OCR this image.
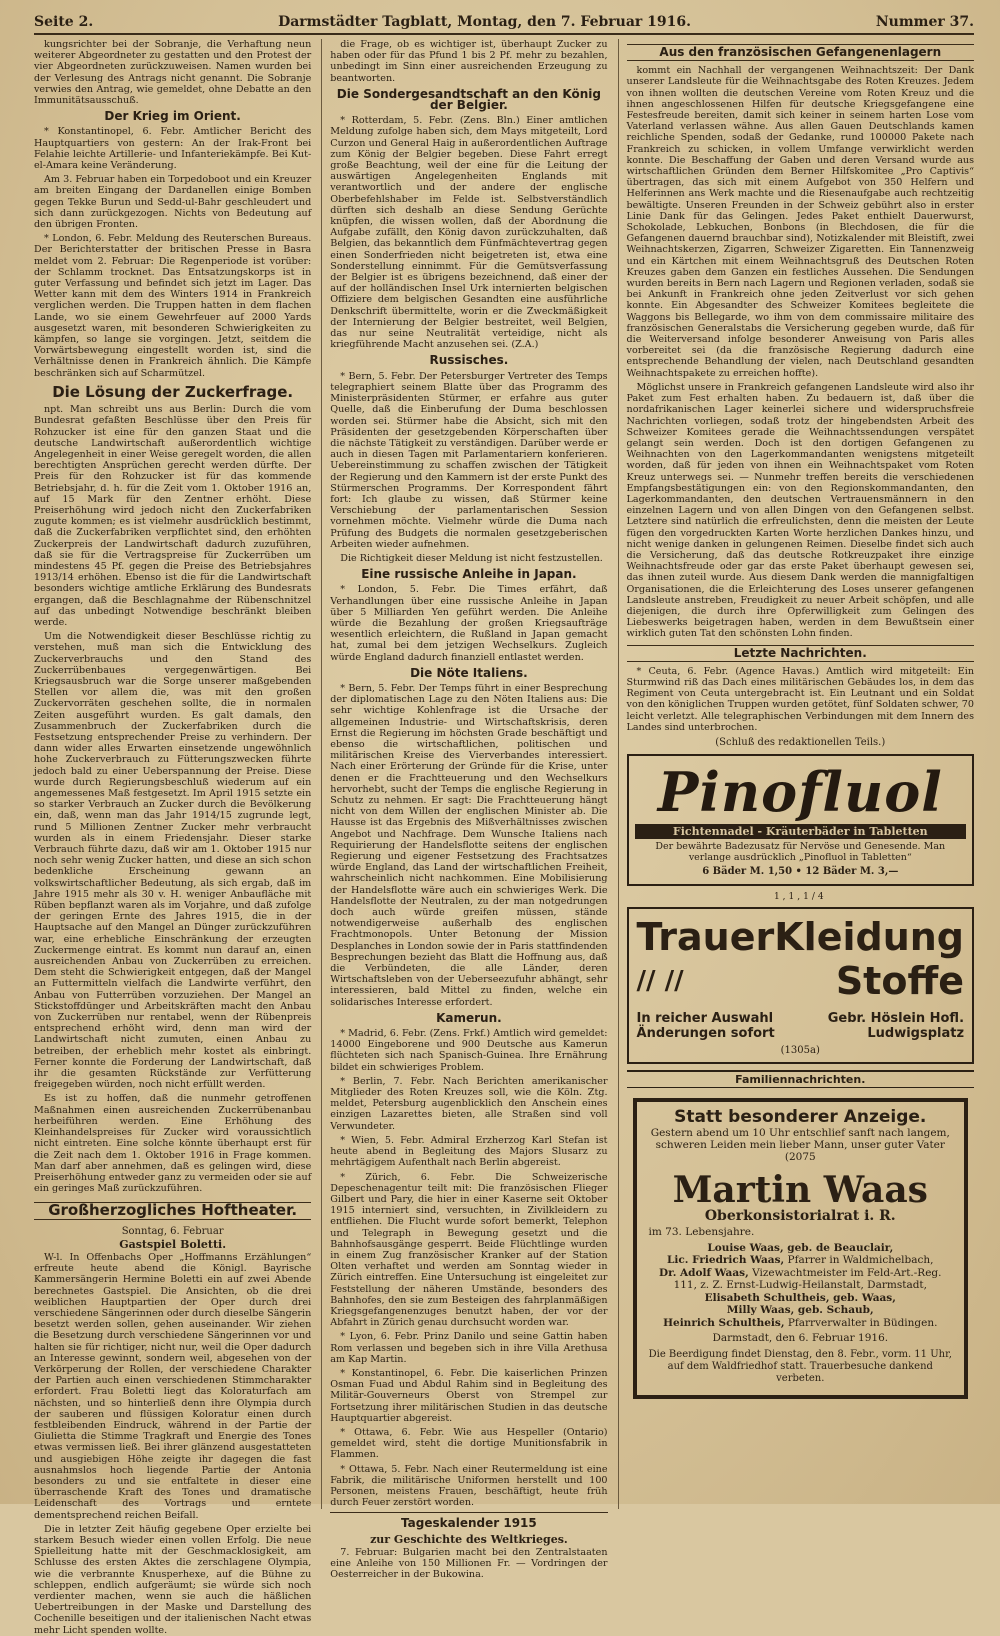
Seite 2.	Darmstädter Tagblatt, Montag, den 7. Februar 1916.	Nummer 37.

kungsrichter bei der Sobranje, die Verhaftung neun weiterer Abgeordneter zu gestatten und den Protest der vier Abgeordneten zurückzuweisen. Namen wurden bei der Verlesung des Antrags nicht genannt. Die Sobranje verwies den Antrag, wie gemeldet, ohne Debatte an den Immunitätsausschuß.

Der Krieg im Orient.

* Konstantinopel, 6. Febr. Amtlicher Bericht des Hauptquartiers von gestern: An der Irak-Front bei Felahie leichte Artillerie- und Infanteriekämpfe. Bei Kut-el-Amara keine Veränderung.

Am 3. Februar haben ein Torpedoboot und ein Kreuzer am breiten Eingang der Dardanellen einige Bomben gegen Tekke Burun und Sedd-ul-Bahr geschleudert und sich dann zurückgezogen. Nichts von Bedeutung auf den übrigen Fronten.

* London, 6. Febr. Meldung des Reuterschen Bureaus. Der Berichterstatter der britischen Presse in Basra meldet vom 2. Februar: Die Regenperiode ist vorüber: der Schlamm trocknet. Das Entsatzungskorps ist in guter Verfassung und befindet sich jetzt im Lager. Das Wetter kann mit dem des Winters 1914 in Frankreich verglichen werden. Die Truppen hatten in dem flachen Lande, wo sie einem Gewehrfeuer auf 2000 Yards ausgesetzt waren, mit besonderen Schwierigkeiten zu kämpfen, so lange sie vorgingen. Jetzt, seitdem die Vorwärtsbewegung eingestellt worden ist, sind die Verhältnisse denen in Frankreich ähnlich. Die Kämpfe beschränken sich auf Scharmützel.

Die Lösung der Zuckerfrage.

npt. Man schreibt uns aus Berlin: Durch die vom Bundesrat gefaßten Beschlüsse über den Preis für Rohzucker ist eine für den ganzen Staat und die deutsche Landwirtschaft außerordentlich wichtige Angelegenheit in einer Weise geregelt worden, die allen berechtigten Ansprüchen gerecht werden dürfte. Der Preis für den Rohzucker ist für das kommende Betriebsjahr, d. h. für die Zeit vom 1. Oktober 1916 an, auf 15 Mark für den Zentner erhöht. Diese Preiserhöhung wird jedoch nicht den Zuckerfabriken zugute kommen; es ist vielmehr ausdrücklich bestimmt, daß die Zuckerfabriken verpflichtet sind, den erhöhten Zuckerpreis der Landwirtschaft dadurch zuzuführen, daß sie für die Vertragspreise für Zuckerrüben um mindestens 45 Pf. gegen die Preise des Betriebsjahres 1913/14 erhöhen. Ebenso ist die für die Landwirtschaft besonders wichtige amtliche Erklärung des Bundesrats ergangen, daß die Beschlagnahme der Rübenschnitzel auf das unbedingt Notwendige beschränkt bleiben werde.

Um die Notwendigkeit dieser Beschlüsse richtig zu verstehen, muß man sich die Entwicklung des Zuckerverbrauchs und den Stand des Zuckerrübenbaues vergegenwärtigen. Bei Kriegsausbruch war die Sorge unserer maßgebenden Stellen vor allem die, was mit den großen Zuckervorräten geschehen sollte, die in normalen Zeiten ausgeführt wurden. Es galt damals, den Zusammenbruch der Zuckerfabriken durch die Festsetzung entsprechender Preise zu verhindern. Der dann wider alles Erwarten einsetzende ungewöhnlich hohe Zuckerverbrauch zu Fütterungszwecken führte jedoch bald zu einer Ueberspannung der Preise. Diese wurde durch Regierungsbeschluß wiederum auf ein angemessenes Maß festgesetzt. Im April 1915 setzte ein so starker Verbrauch an Zucker durch die Bevölkerung ein, daß, wenn man das Jahr 1914/15 zugrunde legt, rund 5 Millionen Zentner Zucker mehr verbraucht wurden als in einem Friedensjahr. Dieser starke Verbrauch führte dazu, daß wir am 1. Oktober 1915 nur noch sehr wenig Zucker hatten, und diese an sich schon bedenkliche Erscheinung gewann an volkswirtschaftlicher Bedeutung, als sich ergab, daß im Jahre 1915 mehr als 30 v. H. weniger Anbaufläche mit Rüben bepflanzt waren als im Vorjahre, und daß zufolge der geringen Ernte des Jahres 1915, die in der Hauptsache auf den Mangel an Dünger zurückzuführen war, eine erhebliche Einschränkung der erzeugten Zuckermenge eintrat. Es kommt nun darauf an, einen ausreichenden Anbau von Zuckerrüben zu erreichen. Dem steht die Schwierigkeit entgegen, daß der Mangel an Futtermitteln vielfach die Landwirte verführt, den Anbau von Futterrüben vorzuziehen. Der Mangel an Stickstoffdünger und Arbeitskräften macht den Anbau von Zuckerrüben nur rentabel, wenn der Rübenpreis entsprechend erhöht wird, denn man wird der Landwirtschaft nicht zumuten, einen Anbau zu betreiben, der erheblich mehr kostet als einbringt. Ferner konnte die Forderung der Landwirtschaft, daß ihr die gesamten Rückstände zur Verfütterung freigegeben würden, noch nicht erfüllt werden.

Es ist zu hoffen, daß die nunmehr getroffenen Maßnahmen einen ausreichenden Zuckerrübenanbau herbeiführen werden. Eine Erhöhung des Kleinhandelspreises für Zucker wird voraussichtlich nicht eintreten. Eine solche könnte überhaupt erst für die Zeit nach dem 1. Oktober 1916 in Frage kommen. Man darf aber annehmen, daß es gelingen wird, diese Preiserhöhung entweder ganz zu vermeiden oder sie auf ein geringes Maß zurückzuführen.

Großherzogliches Hoftheater.
Sonntag, 6. Februar
Gastspiel Boletti.

W-l. In Offenbachs Oper „Hoffmanns Erzählungen“ erfreute heute abend die Königl. Bayrische Kammersängerin Hermine Boletti ein auf zwei Abende berechnetes Gastspiel. Die Ansichten, ob die drei weiblichen Hauptpartien der Oper durch drei verschiedene Sängerinnen oder durch dieselbe Sängerin besetzt werden sollen, gehen auseinander. Wir ziehen die Besetzung durch verschiedene Sängerinnen vor und halten sie für richtiger, nicht nur, weil die Oper dadurch an Interesse gewinnt, sondern weil, abgesehen von der Verkörperung der Rollen, der verschiedene Charakter der Partien auch einen verschiedenen Stimmcharakter erfordert. Frau Boletti liegt das Koloraturfach am nächsten, und so hinterließ denn ihre Olympia durch der sauberen und flüssigen Koloratur einen durch festbleibenden Eindruck, während in der Partie der Giulietta die Stimme Tragkraft und Energie des Tones etwas vermissen ließ. Bei ihrer glänzend ausgestatteten und ausgiebigen Höhe zeigte ihr dagegen die fast ausnahmslos hoch liegende Partie der Antonia besonders zu und sie entfaltete in dieser eine überraschende Kraft des Tones und dramatische Leidenschaft des Vortrags und erntete dementsprechend reichen Beifall.

Die in letzter Zeit häufig gegebene Oper erzielte bei starkem Besuch wieder einen vollen Erfolg. Die neue Spielleitung hatte mit der Geschmacklosigkeit, am Schlusse des ersten Aktes die zerschlagene Olympia, wie die verbrannte Knusperhexe, auf die Bühne zu schleppen, endlich aufgeräumt; sie würde sich noch verdienter machen, wenn sie auch die häßlichen Uebertreibungen in der Maske und Darstellung des Cochenille beseitigen und der italienischen Nacht etwas mehr Licht spenden wollte.

die Frage, ob es wichtiger ist, überhaupt Zucker zu haben oder für das Pfund 1 bis 2 Pf. mehr zu bezahlen, unbedingt im Sinn einer ausreichenden Erzeugung zu beantworten.

Die Sondergesandtschaft an den König der Belgier.

* Rotterdam, 5. Febr. (Zens. Bln.) Einer amtlichen Meldung zufolge haben sich, dem Mays mitgeteilt, Lord Curzon und General Haig in außerordentlichen Auftrage zum König der Belgier begeben. Diese Fahrt erregt große Beachtung, weil der eine für die Leitung der auswärtigen Angelegenheiten Englands mit verantwortlich und der andere der englische Oberbefehlshaber im Felde ist. Selbstverständlich dürften sich deshalb an diese Sendung Gerüchte knüpfen, die wissen wollen, daß der Abordnung die Aufgabe zufällt, den König davon zurückzuhalten, daß Belgien, das bekanntlich dem Fünfmächtevertrag gegen einen Sonderfrieden nicht beigetreten ist, etwa eine Sonderstellung einnimmt. Für die Gemütsverfassung der Belgier ist es übrigens bezeichnend, daß einer der auf der holländischen Insel Urk internierten belgischen Offiziere dem belgischen Gesandten eine ausführliche Denkschrift übermittelte, worin er die Zweckmäßigkeit der Internierung der Belgier bestreitet, weil Belgien, das nur seine Neutralität verteidige, nicht als kriegführende Macht anzusehen sei. (Z.A.)

Russisches.

* Bern, 5. Febr. Der Petersburger Vertreter des Temps telegraphiert seinem Blatte über das Programm des Ministerpräsidenten Stürmer, er erfahre aus guter Quelle, daß die Einberufung der Duma beschlossen worden sei. Stürmer habe die Absicht, sich mit den Präsidenten der gesetzgebenden Körperschaften über die nächste Tätigkeit zu verständigen. Darüber werde er auch in diesen Tagen mit Parlamentariern konferieren. Uebereinstimmung zu schaffen zwischen der Tätigkeit der Regierung und den Kammern ist der erste Punkt des Stürmerschen Programms. Der Korrespondent fährt fort: Ich glaube zu wissen, daß Stürmer keine Verschiebung der parlamentarischen Session vornehmen möchte. Vielmehr würde die Duma nach Prüfung des Budgets die normalen gesetzgeberischen Arbeiten wieder aufnehmen.

Die Richtigkeit dieser Meldung ist nicht festzustellen.

Eine russische Anleihe in Japan.

* London, 5. Febr. Die Times erfährt, daß Verhandlungen über eine russische Anleihe in Japan über 5 Milliarden Yen geführt werden. Die Anleihe würde die Bezahlung der großen Kriegsaufträge wesentlich erleichtern, die Rußland in Japan gemacht hat, zumal bei dem jetzigen Wechselkurs. Zugleich würde England dadurch finanziell entlastet werden.

Die Nöte Italiens.

* Bern, 5. Febr. Der Temps führt in einer Besprechung der diplomatischen Lage zu den Nöten Italiens aus: Die sehr wichtige Kohlenfrage ist die Ursache der allgemeinen Industrie- und Wirtschaftskrisis, deren Ernst die Regierung im höchsten Grade beschäftigt und ebenso die wirtschaftlichen, politischen und militärischen Kreise des Vierverbandes interessiert. Nach einer Erörterung der Gründe für die Krise, unter denen er die Frachtteuerung und den Wechselkurs hervorhebt, sucht der Temps die englische Regierung in Schutz zu nehmen. Er sagt: Die Frachtteuerung hängt nicht von dem Willen der englischen Minister ab. Die Hausse ist das Ergebnis des Mißverhältnisses zwischen Angebot und Nachfrage. Dem Wunsche Italiens nach Requirierung der Handelsflotte seitens der englischen Regierung und eigener Festsetzung des Frachtsatzes würde England, das Land der wirtschaftlichen Freiheit, wahrscheinlich nicht nachkommen. Eine Mobilisierung der Handelsflotte wäre auch ein schwieriges Werk. Die Handelsflotte der Neutralen, zu der man notgedrungen doch auch würde greifen müssen, stände notwendigerweise außerhalb des englischen Frachtmonopols. Unter Betonung der Mission Desplanches in London sowie der in Paris stattfindenden Besprechungen bezieht das Blatt die Hoffnung aus, daß die Verbündeten, die alle Länder, deren Wirtschaftsleben von der Ueberseezufuhr abhängt, sehr interessieren, bald Mittel zu finden, welche ein solidarisches Interesse erfordert.

Kamerun.

* Madrid, 6. Febr. (Zens. Frkf.) Amtlich wird gemeldet: 14000 Eingeborene und 900 Deutsche aus Kamerun flüchteten sich nach Spanisch-Guinea. Ihre Ernährung bildet ein schwieriges Problem.

* Berlin, 7. Febr. Nach Berichten amerikanischer Mitglieder des Roten Kreuzes soll, wie die Köln. Ztg. meldet, Petersburg augenblicklich den Anschein eines einzigen Lazarettes bieten, alle Straßen sind voll Verwundeter.

* Wien, 5. Febr. Admiral Erzherzog Karl Stefan ist heute abend in Begleitung des Majors Slusarz zu mehrtägigem Aufenthalt nach Berlin abgereist.

* Zürich, 6. Febr. Die Schweizerische Depeschenagentur teilt mit: Die französischen Flieger Gilbert und Pary, die hier in einer Kaserne seit Oktober 1915 interniert sind, versuchten, in Zivilkleidern zu entfliehen. Die Flucht wurde sofort bemerkt, Telephon und Telegraph in Bewegung gesetzt und die Bahnhofsausgänge gesperrt. Beide Flüchtlinge wurden in einem Zug französischer Kranker auf der Station Olten verhaftet und werden am Sonntag wieder in Zürich eintreffen. Eine Untersuchung ist eingeleitet zur Feststellung der näheren Umstände, besonders des Bahnhofes, den sie zum Besteigen des fahrplanmäßigen Kriegsgefangenenzuges benutzt haben, der vor der Abfahrt in Zürich genau durchsucht worden war.

* Lyon, 6. Febr. Prinz Danilo und seine Gattin haben Rom verlassen und begeben sich in ihre Villa Arethusa am Kap Martin.

* Konstantinopel, 6. Febr. Die kaiserlichen Prinzen Osman Fuad und Abdul Rahim sind in Begleitung des Militär-Gouverneurs Oberst von Strempel zur Fortsetzung ihrer militärischen Studien in das deutsche Hauptquartier abgereist.

* Ottawa, 6. Febr. Wie aus Hespeller (Ontario) gemeldet wird, steht die dortige Munitionsfabrik in Flammen.

* Ottawa, 5. Febr. Nach einer Reutermeldung ist eine Fabrik, die militärische Uniformen herstellt und 100 Personen, meistens Frauen, beschäftigt, heute früh durch Feuer zerstört worden.

Tageskalender 1915
zur Geschichte des Weltkrieges.

7. Februar: Bulgarien macht bei den Zentralstaaten eine Anleihe von 150 Millionen Fr. — Vordringen der Oesterreicher in der Bukowina.

Aus den französischen Gefangenenlagern

kommt ein Nachhall der vergangenen Weihnachtszeit: Der Dank unserer Landsleute für die Weihnachtsgabe des Roten Kreuzes. Jedem von ihnen wollten die deutschen Vereine vom Roten Kreuz und die ihnen angeschlossenen Hilfen für deutsche Kriegsgefangene eine Festesfreude bereiten, damit sich keiner in seinem harten Lose vom Vaterland verlassen wähne. Aus allen Gauen Deutschlands kamen reichliche Spenden, sodaß der Gedanke, rund 100000 Pakete nach Frankreich zu schicken, in vollem Umfange verwirklicht werden konnte. Die Beschaffung der Gaben und deren Versand wurde aus wirtschaftlichen Gründen dem Berner Hilfskomitee „Pro Captivis“ übertragen, das sich mit einem Aufgebot von 350 Helfern und Helferinnen ans Werk machte und die Riesenaufgabe auch rechtzeitig bewältigte. Unseren Freunden in der Schweiz gebührt also in erster Linie Dank für das Gelingen. Jedes Paket enthielt Dauerwurst, Schokolade, Lebkuchen, Bonbons (in Blechdosen, die für die Gefangenen dauernd brauchbar sind), Notizkalender mit Bleistift, zwei Weihnachtskerzen, Zigarren, Schweizer Zigaretten. Ein Tannenzweig und ein Kärtchen mit einem Weihnachtsgruß des Deutschen Roten Kreuzes gaben dem Ganzen ein festliches Aussehen. Die Sendungen wurden bereits in Bern nach Lagern und Regionen verladen, sodaß sie bei Ankunft in Frankreich ohne jeden Zeitverlust vor sich gehen konnte. Ein Abgesandter des Schweizer Komitees begleitete die Waggons bis Bellegarde, wo ihm von dem commissaire militaire des französischen Generalstabs die Versicherung gegeben wurde, daß für die Weiterversand infolge besonderer Anweisung von Paris alles vorbereitet sei (da die französische Regierung dadurch eine entsprechende Behandlung der vielen, nach Deutschland gesandten Weihnachtspakete zu erreichen hoffte).

Möglichst unsere in Frankreich gefangenen Landsleute wird also ihr Paket zum Fest erhalten haben. Zu bedauern ist, daß über die nordafrikanischen Lager keinerlei sichere und widerspruchsfreie Nachrichten vorliegen, sodaß trotz der hingebendsten Arbeit des Schweizer Komitees gerade die Weihnachtssendungen verspätet gelangt sein werden. Doch ist den dortigen Gefangenen zu Weihnachten von den Lagerkommandanten wenigstens mitgeteilt worden, daß für jeden von ihnen ein Weihnachtspaket vom Roten Kreuz unterwegs sei. — Nunmehr treffen bereits die verschiedenen Empfangsbestätigungen ein: von den Regionskommandanten, den Lagerkommandanten, den deutschen Vertrauensmännern in den einzelnen Lagern und von allen Dingen von den Gefangenen selbst. Letztere sind natürlich die erfreulichsten, denn die meisten der Leute fügen den vorgedruckten Karten Worte herzlichen Dankes hinzu, und nicht wenige danken in gelungenen Reimen. Dieselbe findet sich auch die Versicherung, daß das deutsche Rotkreuzpaket ihre einzige Weihnachtsfreude oder gar das erste Paket überhaupt gewesen sei, das ihnen zuteil wurde. Aus diesem Dank werden die mannigfaltigen Organisationen, die die Erleichterung des Loses unserer gefangenen Landsleute anstreben, Freudigkeit zu neuer Arbeit schöpfen, und alle diejenigen, die durch ihre Opferwilligkeit zum Gelingen des Liebeswerks beigetragen haben, werden in dem Bewußtsein einer wirklich guten Tat den schönsten Lohn finden.

Letzte Nachrichten.

* Ceuta, 6. Febr. (Agence Havas.) Amtlich wird mitgeteilt: Ein Sturmwind riß das Dach eines militärischen Gebäudes los, in dem das Regiment von Ceuta untergebracht ist. Ein Leutnant und ein Soldat von den königlichen Truppen wurden getötet, fünf Soldaten schwer, 70 leicht verletzt. Alle telegraphischen Verbindungen mit dem Innern des Landes sind unterbrochen.

(Schluß des redaktionellen Teils.)
Pinofluol
Fichtennadel - Kräuterbäder in Tabletten
Der bewährte Badezusatz für Nervöse und Genesende. Man verlange ausdrücklich „Pinofluol in Tabletten“
6 Bäder M. 1,50 • 12 Bäder M. 3,—
1,1,1/4
Trauer
// //
Kleidung
Stoffe
In reicher Auswahl
Änderungen sofort
Gebr. Höslein Hofl.
Ludwigsplatz
(1305a)
Familiennachrichten.
Statt besonderer Anzeige.
Gestern abend um 10 Uhr entschlief sanft nach langem, schweren Leiden mein lieber Mann, unser guter Vater (2075
Martin Waas
Oberkonsistorialrat i. R.
im 73. Lebensjahre.
Louise Waas, geb. de Beauclair,
Lic. Friedrich Waas, Pfarrer in Waldmichelbach,
Dr. Adolf Waas, Vizewachtmeister im Feld-Art.-Reg. 111, z. Z. Ernst-Ludwig-Heilanstalt, Darmstadt,
Elisabeth Schultheis, geb. Waas,
Milly Waas, geb. Schaub,
Heinrich Schultheis, Pfarrverwalter in Büdingen.
Darmstadt, den 6. Februar 1916.
Die Beerdigung findet Dienstag, den 8. Febr., vorm. 11 Uhr, auf dem Waldfriedhof statt. Trauerbesuche dankend verbeten.
